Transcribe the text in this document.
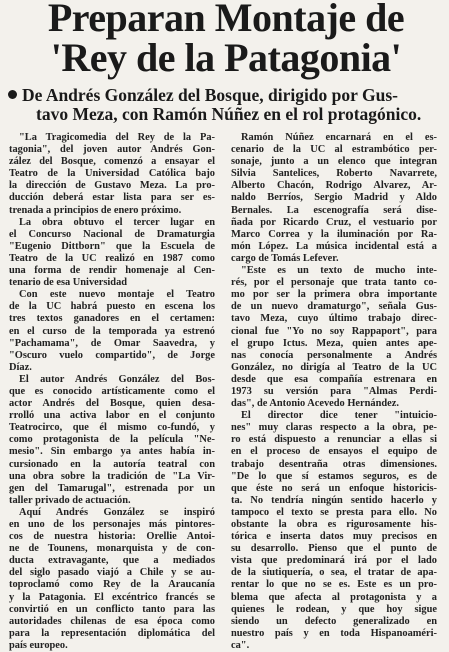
Preparan Montaje de
'Rey de la Patagonia'
De Andrés González del Bosque, dirigido por Gus-
tavo Meza, con Ramón Núñez en el rol protagónico.
"La Tragicomedia del Rey de la Pa-
tagonia", del joven autor Andrés Gon-
zález del Bosque, comenzó a ensayar el
Teatro de la Universidad Católica bajo
la dirección de Gustavo Meza. La pro-
ducción deberá estar lista para ser es-
trenada a principios de enero próximo.
La obra obtuvo el tercer lugar en
el Concurso Nacional de Dramaturgia
"Eugenio Dittborn" que la Escuela de
Teatro de la UC realizó en 1987 como
una forma de rendir homenaje al Cen-
tenario de esa Universidad
Con este nuevo montaje el Teatro
de la UC habrá puesto en escena los
tres textos ganadores en el certamen:
en el curso de la temporada ya estrenó
"Pachamama", de Omar Saavedra, y
"Oscuro vuelo compartido", de Jorge
Díaz.
El autor Andrés González del Bos-
que es conocido artísticamente como el
actor Andrés del Bosque, quien desa-
rrolló una activa labor en el conjunto
Teatrocirco, que él mismo co-fundó, y
como protagonista de la película "Ne-
mesio". Sin embargo ya antes había in-
cursionado en la autoría teatral con
una obra sobre la tradición de "La Vir-
gen del Tamarugal", estrenada por un
taller privado de actuación.
Aquí Andrés González se inspiró
en uno de los personajes más pintores-
cos de nuestra historia: Orellie Antoi-
ne de Tounens, monarquista y de con-
ducta extravagante, que a mediados
del siglo pasado viajó a Chile y se au-
toproclamó como Rey de la Araucanía
y la Patagonia. El excéntrico francés se
convirtió en un conflicto tanto para las
autoridades chilenas de esa época como
para la representación diplomática del
país europeo.
Ramón Núñez encarnará en el es-
cenario de la UC al estrambótico per-
sonaje, junto a un elenco que integran
Silvia Santelices, Roberto Navarrete,
Alberto Chacón, Rodrigo Alvarez, Ar-
naldo Berríos, Sergio Madrid y Aldo
Bernales. La escenografía será dise-
ñada por Ricardo Cruz, el vestuario por
Marco Correa y la iluminación por Ra-
món López. La música incidental está a
cargo de Tomás Lefever.
"Este es un texto de mucho inte-
rés, por el personaje que trata tanto co-
mo por ser la primera obra importante
de un nuevo dramaturgo", señala Gus-
tavo Meza, cuyo último trabajo direc-
cional fue "Yo no soy Rappaport", para
el grupo Ictus. Meza, quien antes ape-
nas conocía personalmente a Andrés
González, no dirigía al Teatro de la UC
desde que esa compañía estrenara en
1973 su versión para "Almas Perdi-
das", de Antonio Acevedo Hernández.
El director dice tener "intuicio-
nes" muy claras respecto a la obra, pe-
ro está dispuesto a renunciar a ellas si
en el proceso de ensayos el equipo de
trabajo desentraña otras dimensiones.
"De lo que sí estamos seguros, es de
que éste no será un enfoque historicis-
ta. No tendría ningún sentido hacerlo y
tampoco el texto se presta para ello. No
obstante la obra es rigurosamente his-
tórica e inserta datos muy precisos en
su desarrollo. Pienso que el punto de
vista que predominará irá por el lado
de la siutiquería, o sea, el tratar de apa-
rentar lo que no se es. Este es un pro-
blema que afecta al protagonista y a
quienes le rodean, y que hoy sigue
siendo un defecto generalizado en
nuestro país y en toda Hispanoaméri-
ca".
